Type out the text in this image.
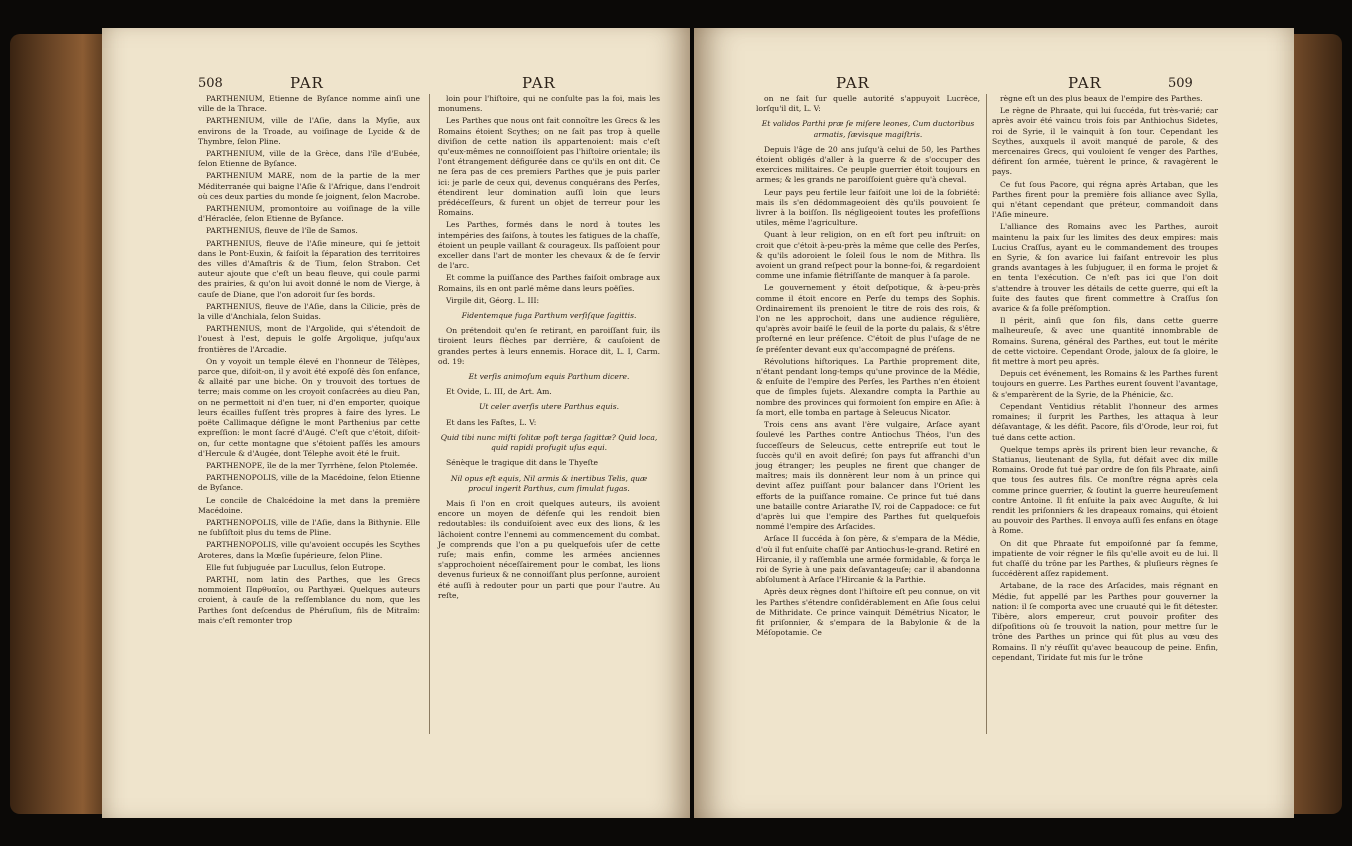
508	PAR	PAR

PARTHENIUM, Etienne de Byſance nomme ainſi une ville de la Thrace.

PARTHENIUM, ville de l'Aſie, dans la Myſie, aux environs de la Troade, au voiſinage de Lycide & de Thymbre, ſelon Pline.

PARTHENIUM, ville de la Grèce, dans l'île d'Eubée, ſelon Etienne de Byſance.

PARTHENIUM MARE, nom de la partie de la mer Méditerranée qui baigne l'Aſie & l'Afrique, dans l'endroit où ces deux parties du monde ſe joignent, ſelon Macrobe.

PARTHENIUM, promontoire au voiſinage de la ville d'Héraclée, ſelon Etienne de Byſance.

PARTHENIUS, fleuve de l'île de Samos.

PARTHENIUS, fleuve de l'Aſie mineure, qui ſe jettoit dans le Pont-Euxin, & faiſoit la ſéparation des territoires des villes d'Amaſtris & de Tium, ſelon Strabon. Cet auteur ajoute que c'eſt un beau fleuve, qui coule parmi des prairies, & qu'on lui avoit donné le nom de Vierge, à cauſe de Diane, que l'on adoroit ſur ſes bords.

PARTHENIUS, fleuve de l'Aſie, dans la Cilicie, près de la ville d'Anchiala, ſelon Suidas.

PARTHENIUS, mont de l'Argolide, qui s'étendoit de l'ouest à l'est, depuis le golfe Argolique, juſqu'aux frontières de l'Arcadie.

On y voyoit un temple élevé en l'honneur de Télèpes, parce que, diſoit-on, il y avoit été expoſé dès ſon enfance, & allaité par une biche. On y trouvoit des tortues de terre; mais comme on les croyoit conſacrées au dieu Pan, on ne permettoit ni d'en tuer, ni d'en emporter, quoique leurs écailles fuſſent très propres à faire des lyres. Le poëte Callimaque déſigne le mont Parthenius par cette expreſſion: le mont ſacré d'Augé. C'eſt que c'étoit, diſoit-on, ſur cette montagne que s'étoient paſſés les amours d'Hercule & d'Augée, dont Télephe avoit été le fruit.

PARTHENOPE, île de la mer Tyrrhène, ſelon Ptolemée.

PARTHENOPOLIS, ville de la Macédoine, ſelon Etienne de Byſance.

Le concile de Chalcédoine la met dans la première Macédoine.

PARTHENOPOLIS, ville de l'Aſie, dans la Bithynie. Elle ne ſubſiſtoit plus du tems de Pline.

PARTHENOPOLIS, ville qu'avoient occupés les Scythes Aroteres, dans la Mœſie ſupérieure, ſelon Pline.

Elle fut ſubjuguée par Lucullus, ſelon Eutrope.

PARTHI, nom latin des Parthes, que les Grecs nommoient Παρθυαῖοι, ou Parthyæi. Quelques auteurs croient, à cauſe de la reſſemblance du nom, que les Parthes ſont deſcendus de Phéruſium, fils de Mitraïm: mais c'eſt remonter trop

loin pour l'hiſtoire, qui ne conſulte pas la foi, mais les monumens.

Les Parthes que nous ont fait connoître les Grecs & les Romains étoient Scythes; on ne ſait pas trop à quelle diviſion de cette nation ils appartenoient: mais c'eſt qu'eux-mêmes ne connoiſſoient pas l'hiſtoire orientale; ils l'ont étrangement défigurée dans ce qu'ils en ont dit. Ce ne ſera pas de ces premiers Parthes que je puis parler ici: je parle de ceux qui, devenus conquérans des Perſes, étendirent leur domination auſſi loin que leurs prédéceſſeurs, & furent un objet de terreur pour les Romains.

Les Parthes, formés dans le nord à toutes les intempéries des ſaiſons, à toutes les fatigues de la chaſſe, étoient un peuple vaillant & courageux. Ils paſſoient pour exceller dans l'art de monter les chevaux & de ſe ſervir de l'arc.

Et comme la puiſſance des Parthes faiſoit ombrage aux Romains, ils en ont parlé même dans leurs poëſies.

Virgile dit, Géorg. L. III:

Fidentemque fuga Parthum verſiſque ſagittis.

On prétendoit qu'en ſe retirant, en paroiſſant fuir, ils tiroient leurs flèches par derrière, & cauſoient de grandes pertes à leurs ennemis. Horace dit, L. I, Carm. od. 19:

Et verſis animoſum equis Parthum dicere.

Et Ovide, L. III, de Art. Am.

Ut celer averſis utere Parthus equis.

Et dans les Faſtes, L. V:

Quid tibi nunc miſti ſolitæ poſt terga ſagittæ? Quid loca, quid rapidi profugit uſus equi.

Sénèque le tragique dit dans le Thyeſte

Nil opus eſt equis, Nil armis & inertibus Telis, quæ procul ingerit Parthus, cum ſimulat fugas.

Mais ſi l'on en croit quelques auteurs, ils avoient encore un moyen de défenſe qui les rendoit bien redoutables: ils conduiſoient avec eux des lions, & les lâchoient contre l'ennemi au commencement du combat. Je comprends que l'on a pu quelquefois uſer de cette ruſe; mais enfin, comme les armées anciennes s'approchoient néceſſairement pour le combat, les lions devenus furieux & ne connoiſſant plus perſonne, auroient été auſſi à redouter pour un parti que pour l'autre. Au reſte,

PAR	PAR	509

on ne ſait ſur quelle autorité s'appuyoit Lucrèce, lorſqu'il dit, L. V:

Et validos Parthi præ ſe miſere leones, Cum ductoribus armatis, ſævisque magiſtris.

Depuis l'âge de 20 ans juſqu'à celui de 50, les Parthes étoient obligés d'aller à la guerre & de s'occuper des exercices militaires. Ce peuple guerrier étoit toujours en armes; & les grands ne paroiſſoient guère qu'à cheval.

Leur pays peu fertile leur faiſoit une loi de la ſobriété: mais ils s'en dédommageoient dès qu'ils pouvoient ſe livrer à la boiſſon. Ils négligeoient toutes les profeſſions utiles, même l'agriculture.

Quant à leur religion, on en eſt fort peu inſtruit: on croit que c'étoit à-peu-près la même que celle des Perſes, & qu'ils adoroient le ſoleil ſous le nom de Mithra. Ils avoient un grand reſpect pour la bonne-foi, & regardoient comme une infamie flétriſſante de manquer à ſa parole.

Le gouvernement y étoit deſpotique, & à-peu-près comme il étoit encore en Perſe du temps des Sophis. Ordinairement ils prenoient le titre de rois des rois, & l'on ne les approchoit, dans une audience régulière, qu'après avoir baiſé le ſeuil de la porte du palais, & s'être proſterné en leur préſence. C'étoit de plus l'uſage de ne ſe préſenter devant eux qu'accompagné de préſens.

Révolutions hiſtoriques. La Parthie proprement dite, n'étant pendant long-temps qu'une province de la Médie, & enſuite de l'empire des Perſes, les Parthes n'en étoient que de ſimples ſujets. Alexandre compta la Parthie au nombre des provinces qui formoient ſon empire en Aſie: à ſa mort, elle tomba en partage à Seleucus Nicator.

Trois cens ans avant l'ère vulgaire, Arſace ayant ſoulevé les Parthes contre Antiochus Théos, l'un des ſucceſſeurs de Seleucus, cette entrepriſe eut tout le ſuccès qu'il en avoit deſiré; ſon pays fut affranchi d'un joug étranger; les peuples ne firent que changer de maîtres; mais ils donnèrent leur nom à un prince qui devint aſſez puiſſant pour balancer dans l'Orient les efforts de la puiſſance romaine. Ce prince fut tué dans une bataille contre Ariarathe IV, roi de Cappadoce: ce fut d'après lui que l'empire des Parthes fut quelquefois nommé l'empire des Arſacides.

Arſace II ſuccéda à ſon père, & s'empara de la Médie, d'où il fut enſuite chaſſé par Antiochus-le-grand. Retiré en Hircanie, il y raſſembla une armée formidable, & força le roi de Syrie à une paix deſavantageuſe; car il abandonna abſolument à Arſace l'Hircanie & la Parthie.

Après deux règnes dont l'hiſtoire eſt peu connue, on vit les Parthes s'étendre conſidérablement en Aſie ſous celui de Mithridate. Ce prince vainquit Démétrius Nicator, le fit priſonnier, & s'empara de la Babylonie & de la Méſopotamie. Ce

règne eſt un des plus beaux de l'empire des Parthes.

Le règne de Phraate, qui lui ſuccéda, fut très-varié; car après avoir été vaincu trois fois par Anthiochus Sidetes, roi de Syrie, il le vainquit à ſon tour. Cependant les Scythes, auxquels il avoit manqué de parole, & des mercenaires Grecs, qui vouloient ſe venger des Parthes, défirent ſon armée, tuèrent le prince, & ravagèrent le pays.

Ce fut ſous Pacore, qui régna après Artaban, que les Parthes firent pour la première fois alliance avec Sylla, qui n'étant cependant que préteur, commandoit dans l'Aſie mineure.

L'alliance des Romains avec les Parthes, auroit maintenu la paix ſur les limites des deux empires: mais Lucius Craſſus, ayant eu le commandement des troupes en Syrie, & ſon avarice lui faiſant entrevoir les plus grands avantages à les ſubjuguer, il en forma le projet & en tenta l'exécution. Ce n'eſt pas ici que l'on doit s'attendre à trouver les détails de cette guerre, qui eſt la ſuite des fautes que firent commettre à Craſſus ſon avarice & ſa folle préſomption.

Il périt, ainſi que ſon fils, dans cette guerre malheureuſe, & avec une quantité innombrable de Romains. Surena, général des Parthes, eut tout le mérite de cette victoire. Cependant Orode, jaloux de ſa gloire, le fit mettre à mort peu après.

Depuis cet événement, les Romains & les Parthes furent toujours en guerre. Les Parthes eurent ſouvent l'avantage, & s'emparèrent de la Syrie, de la Phénicie, &c.

Cependant Ventidius rétablit l'honneur des armes romaines; il ſurprit les Parthes, les attaqua à leur déſavantage, & les défit. Pacore, fils d'Orode, leur roi, fut tué dans cette action.

Quelque temps après ils prirent bien leur revanche, & Statianus, lieutenant de Sylla, fut défait avec dix mille Romains. Orode fut tué par ordre de ſon fils Phraate, ainſi que tous ſes autres fils. Ce monſtre régna après cela comme prince guerrier, & ſoutint la guerre heureuſement contre Antoine. Il fit enſuite la paix avec Auguſte, & lui rendit les priſonniers & les drapeaux romains, qui étoient au pouvoir des Parthes. Il envoya auſſi ſes enfans en ôtage à Rome.

On dit que Phraate fut empoiſonné par ſa femme, impatiente de voir régner le fils qu'elle avoit eu de lui. Il fut chaſſé du trône par les Parthes, & pluſieurs règnes ſe ſuccédèrent aſſez rapidement.

Artabane, de la race des Arſacides, mais régnant en Médie, fut appellé par les Parthes pour gouverner la nation: il ſe comporta avec une cruauté qui le fit détester. Tibère, alors empereur, crut pouvoir profiter des diſpoſitions où ſe trouvoit la nation, pour mettre ſur le trône des Parthes un prince qui fût plus au vœu des Romains. Il n'y réuſſit qu'avec beaucoup de peine. Enfin, cependant, Tiridate fut mis ſur le trône
